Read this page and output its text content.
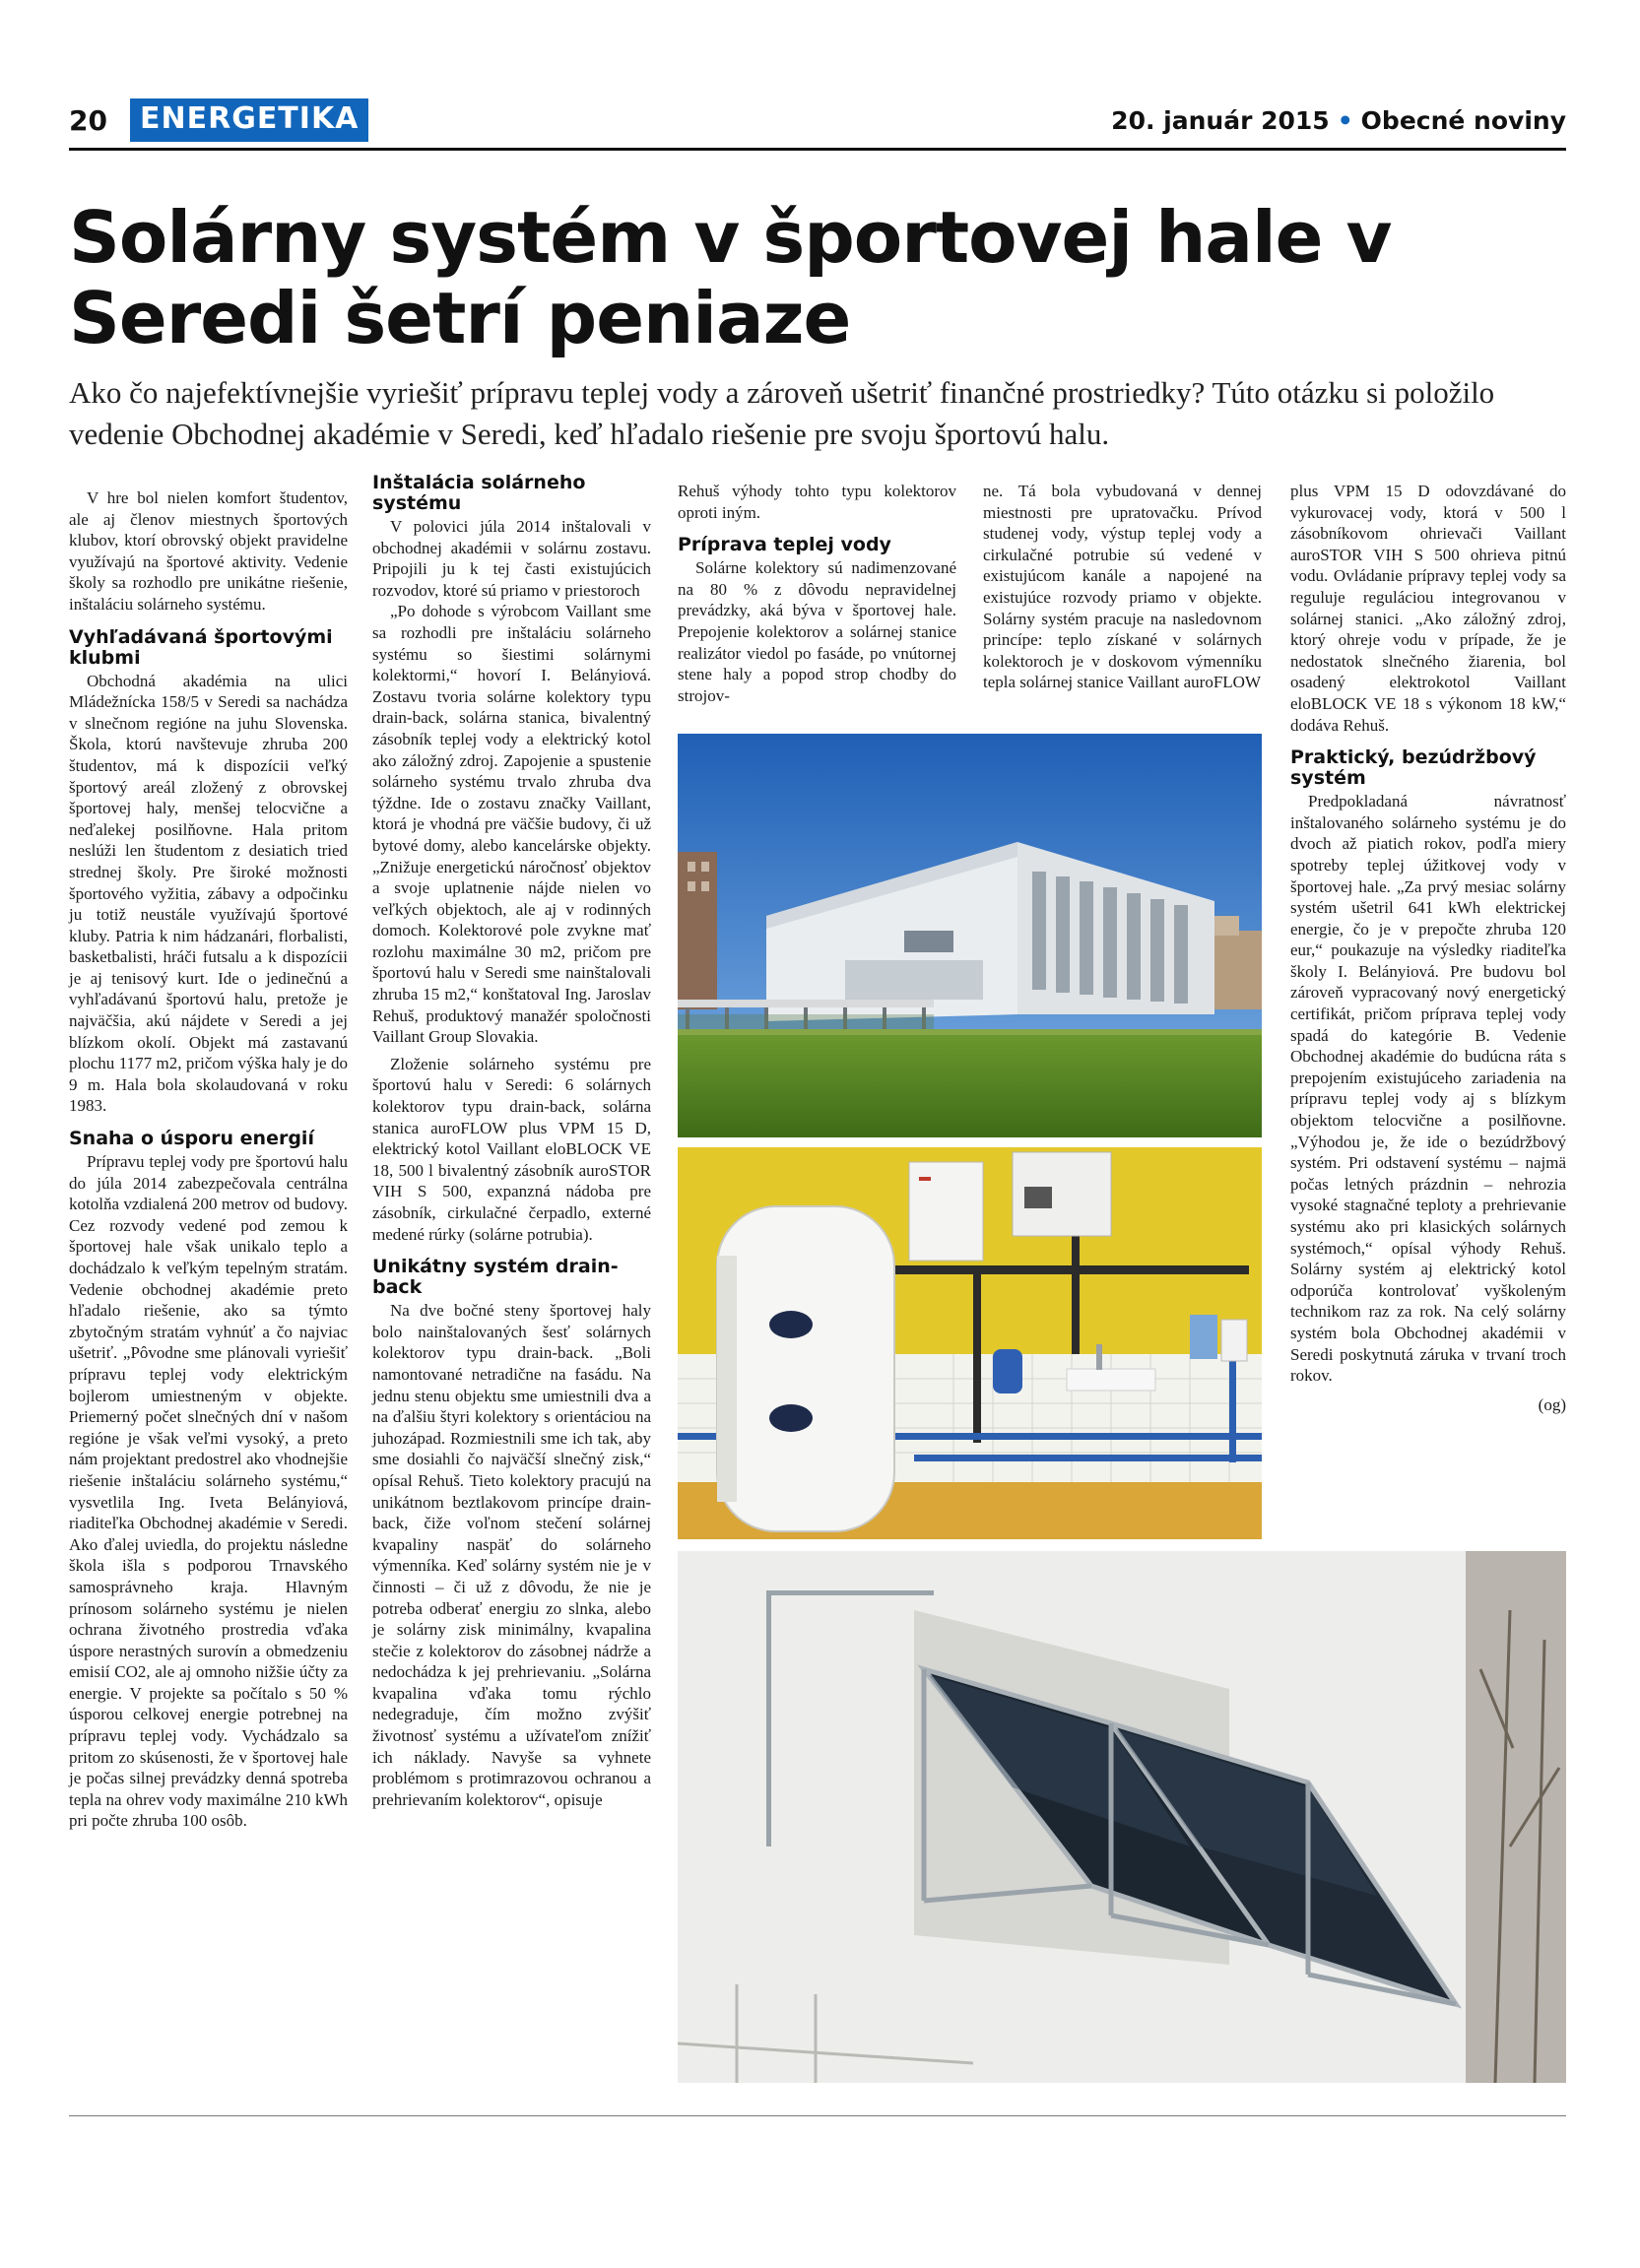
20	ENERGETIKA	20. január 2015 • Obecné noviny
Solárny systém v športovej hale v Seredi šetrí peniaze

Ako čo najefektívnejšie vyriešiť prípravu teplej vody a zároveň ušetriť finančné prostriedky? Túto otázku si položilo vedenie Obchodnej akadémie v Seredi, keď hľadalo riešenie pre svoju športovú halu.

V hre bol nielen komfort študentov, ale aj členov miestnych športových klubov, ktorí obrovský objekt pravidelne využívajú na športové aktivity. Vedenie školy sa rozhodlo pre unikátne riešenie, inštaláciu solárneho systému.

Vyhľadávaná športovými klubmi

Obchodná akadémia na ulici Mládežnícka 158/5 v Seredi sa nachádza v slnečnom regióne na juhu Slovenska. Škola, ktorú navštevuje zhruba 200 študentov, má k dispozícii veľký športový areál zložený z obrovskej športovej haly, menšej telocvične a neďalekej posilňovne. Hala pritom neslúži len študentom z desiatich tried strednej školy. Pre široké možnosti športového vyžitia, zábavy a odpočinku ju totiž neustále využívajú športové kluby. Patria k nim hádzanári, florbalisti, basketbalisti, hráči futsalu a k dispozícii je aj tenisový kurt. Ide o jedinečnú a vyhľadávanú športovú halu, pretože je najväčšia, akú nájdete v Seredi a jej blízkom okolí. Objekt má zastavanú plochu 1177 m2, pričom výška haly je do 9 m. Hala bola skolaudovaná v roku 1983.

Snaha o úsporu energií

Prípravu teplej vody pre športovú halu do júla 2014 zabezpečovala centrálna kotolňa vzdialená 200 metrov od budovy. Cez rozvody vedené pod zemou k športovej hale však unikalo teplo a dochádzalo k veľkým tepelným stratám. Vedenie obchodnej akadémie preto hľadalo riešenie, ako sa týmto zbytočným stratám vyhnúť a čo najviac ušetriť. „Pôvodne sme plánovali vyriešiť prípravu teplej vody elektrickým bojlerom umiestneným v objekte. Priemerný počet slnečných dní v našom regióne je však veľmi vysoký, a preto nám projektant predostrel ako vhodnejšie riešenie inštaláciu solárneho systému,“ vysvetlila Ing. Iveta Belányiová, riaditeľka Obchodnej akadémie v Seredi. Ako ďalej uviedla, do projektu následne škola išla s podporou Trnavského samosprávneho kraja. Hlavným prínosom solárneho systému je nielen ochrana životného prostredia vďaka úspore nerastných surovín a obmedzeniu emisií CO2, ale aj omnoho nižšie účty za energie. V projekte sa počítalo s 50 % úsporou celkovej energie potrebnej na prípravu teplej vody. Vychádzalo sa pritom zo skúsenosti, že v športovej hale je počas silnej prevádzky denná spotreba tepla na ohrev vody maximálne 210 kWh pri počte zhruba 100 osôb.

Inštalácia solárneho systému

V polovici júla 2014 inštalovali v obchodnej akadémii v solárnu zostavu. Pripojili ju k tej časti existujúcich rozvodov, ktoré sú priamo v priestoroch

„Po dohode s výrobcom Vaillant sme sa rozhodli pre inštaláciu solárneho systému so šiestimi solárnymi kolektormi,“ hovorí I. Belányiová. Zostavu tvoria solárne kolektory typu drain-back, solárna stanica, bivalentný zásobník teplej vody a elektrický kotol ako záložný zdroj. Zapojenie a spustenie solárneho systému trvalo zhruba dva týždne. Ide o zostavu značky Vaillant, ktorá je vhodná pre väčšie budovy, či už bytové domy, alebo kancelárske objekty. „Znižuje energetickú náročnosť objektov a svoje uplatnenie nájde nielen vo veľkých objektoch, ale aj v rodinných domoch. Kolektorové pole zvykne mať rozlohu maximálne 30 m2, pričom pre športovú halu v Seredi sme nainštalovali zhruba 15 m2,“ konštatoval Ing. Jaroslav Rehuš, produktový manažér spoločnosti Vaillant Group Slovakia.

Zloženie solárneho systému pre športovú halu v Seredi: 6 solárnych kolektorov typu drain-back, solárna stanica auroFLOW plus VPM 15 D, elektrický kotol Vaillant eloBLOCK VE 18, 500 l bivalentný zásobník auroSTOR VIH S 500, expanzná nádoba pre zásobník, cirkulačné čerpadlo, externé medené rúrky (solárne potrubia).

Unikátny systém drain-back

Na dve bočné steny športovej haly bolo nainštalovaných šesť solárnych kolektorov typu drain-back. „Boli namontované netradične na fasádu. Na jednu stenu objektu sme umiestnili dva a na ďalšiu štyri kolektory s orientáciou na juhozápad. Rozmiestnili sme ich tak, aby sme dosiahli čo najväčší slnečný zisk,“ opísal Rehuš. Tieto kolektory pracujú na unikátnom beztlakovom princípe drain-back, čiže voľnom stečení solárnej kvapaliny naspäť do solárneho výmenníka. Keď solárny systém nie je v činnosti – či už z dôvodu, že nie je potreba odberať energiu zo slnka, alebo je solárny zisk minimálny, kvapalina stečie z kolektorov do zásobnej nádrže a nedochádza k jej prehrievaniu. „Solárna kvapalina vďaka tomu rýchlo nedegraduje, čím možno zvýšiť životnosť systému a užívateľom znížiť ich náklady. Navyše sa vyhnete problémom s protimrazovou ochranou a prehrievaním kolektorov“, opisuje

Rehuš výhody tohto typu kolektorov oproti iným.

Príprava teplej vody

Solárne kolektory sú nadimenzované na 80 % z dôvodu nepravidelnej prevádzky, aká býva v športovej hale. Prepojenie kolektorov a solárnej stanice realizátor viedol po fasáde, po vnútornej stene haly a popod strop chodby do strojov-

ne. Tá bola vybudovaná v dennej miestnosti pre upratovačku. Prívod studenej vody, výstup teplej vody a cirkulačné potrubie sú vedené v existujúcom kanále a napojené na existujúce rozvody priamo v objekte. Solárny systém pracuje na nasledovnom princípe: teplo získané v solárnych kolektoroch je v doskovom výmenníku tepla solárnej stanice Vaillant auroFLOW

plus VPM 15 D odovzdávané do vykurovacej vody, ktorá v 500 l zásobníkovom ohrievači Vaillant auroSTOR VIH S 500 ohrieva pitnú vodu. Ovládanie prípravy teplej vody sa reguluje reguláciou integrovanou v solárnej stanici. „Ako záložný zdroj, ktorý ohreje vodu v prípade, že je nedostatok slnečného žiarenia, bol osadený elektrokotol Vaillant eloBLOCK VE 18 s výkonom 18 kW,“ dodáva Rehuš.

Praktický, bezúdržbový systém

Predpokladaná návratnosť inštalovaného solárneho systému je do dvoch až piatich rokov, podľa miery spotreby teplej úžitkovej vody v športovej hale. „Za prvý mesiac solárny systém ušetril 641 kWh elektrickej energie, čo je v prepočte zhruba 120 eur,“ poukazuje na výsledky riaditeľka školy I. Belányiová. Pre budovu bol zároveň vypracovaný nový energetický certifikát, pričom príprava teplej vody spadá do kategórie B. Vedenie Obchodnej akadémie do budúcna ráta s prepojením existujúceho zariadenia na prípravu teplej vody aj s blízkym objektom telocvične a posilňovne. „Výhodou je, že ide o bezúdržbový systém. Pri odstavení systému – najmä počas letných prázdnin – nehrozia vysoké stagnačné teploty a prehrievanie systému ako pri klasických solárnych systémoch,“ opísal výhody Rehuš. Solárny systém aj elektrický kotol odporúča kontrolovať vyškoleným technikom raz za rok. Na celý solárny systém bola Obchodnej akadémii v Seredi poskytnutá záruka v trvaní troch rokov.

(og)
